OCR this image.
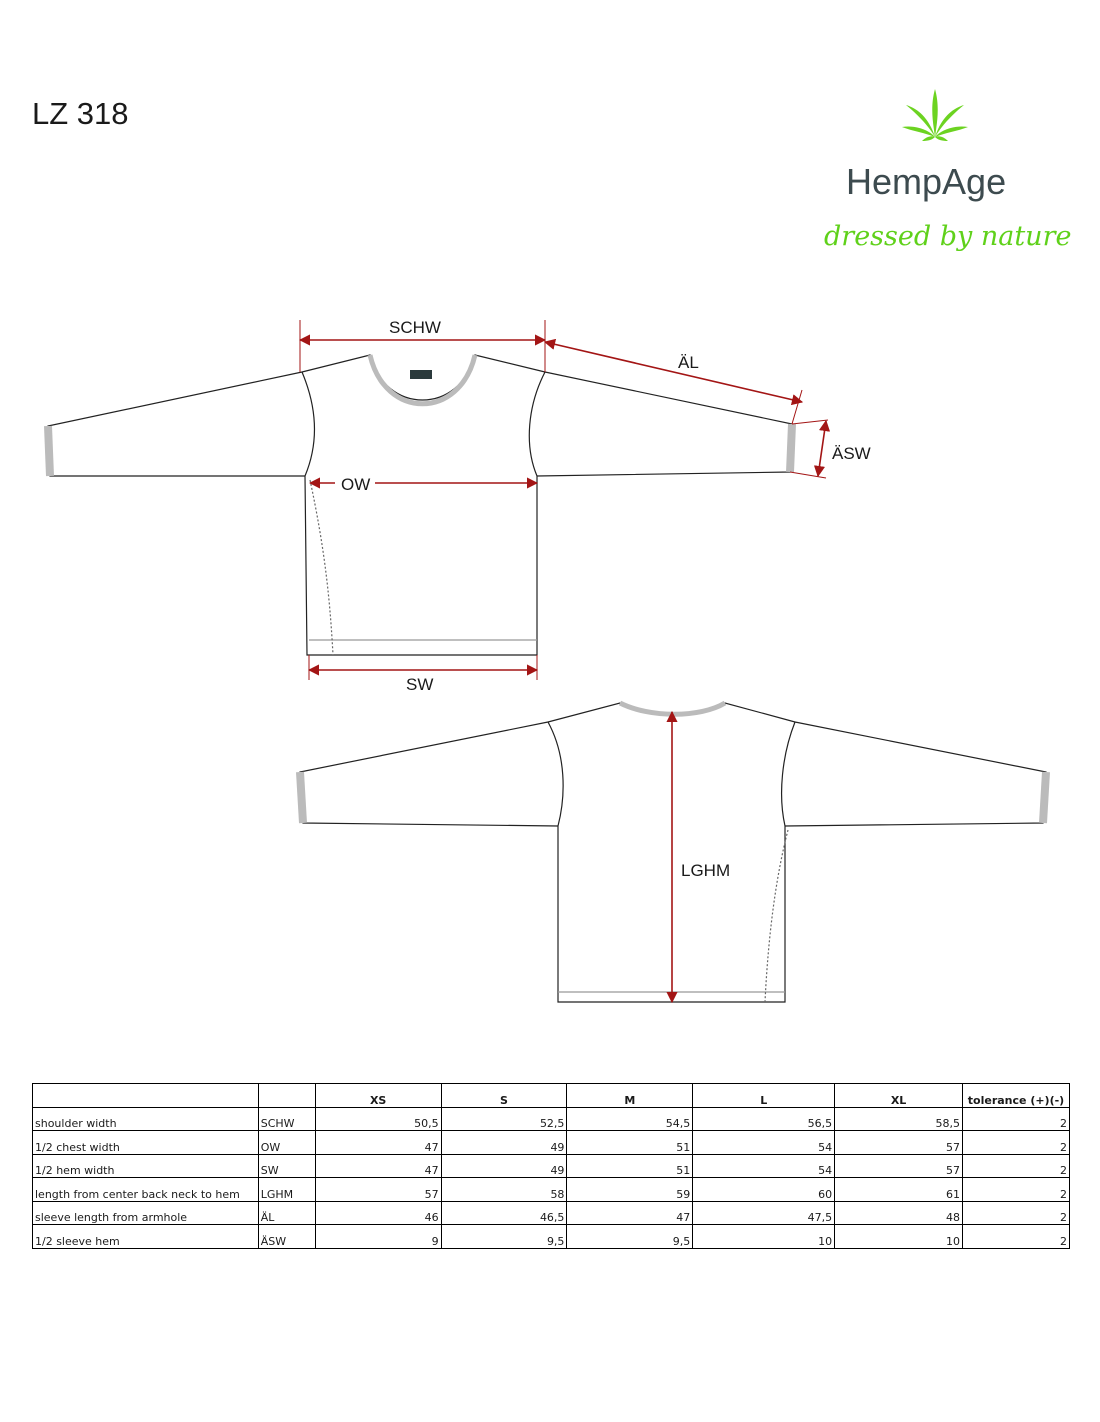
LZ 318
HempAge
dressed by nature
SCHW
ÄL
ÄSW
OW
SW
LGHM
		XS	S	M	L	XL	tolerance (+)(-)
shoulder width	SCHW	50,5	52,5	54,5	56,5	58,5	2
1/2 chest width	OW	47	49	51	54	57	2
1/2 hem width	SW	47	49	51	54	57	2
length from center back neck to hem	LGHM	57	58	59	60	61	2
sleeve length from armhole	ÄL	46	46,5	47	47,5	48	2
1/2 sleeve hem	ÄSW	9	9,5	9,5	10	10	2
